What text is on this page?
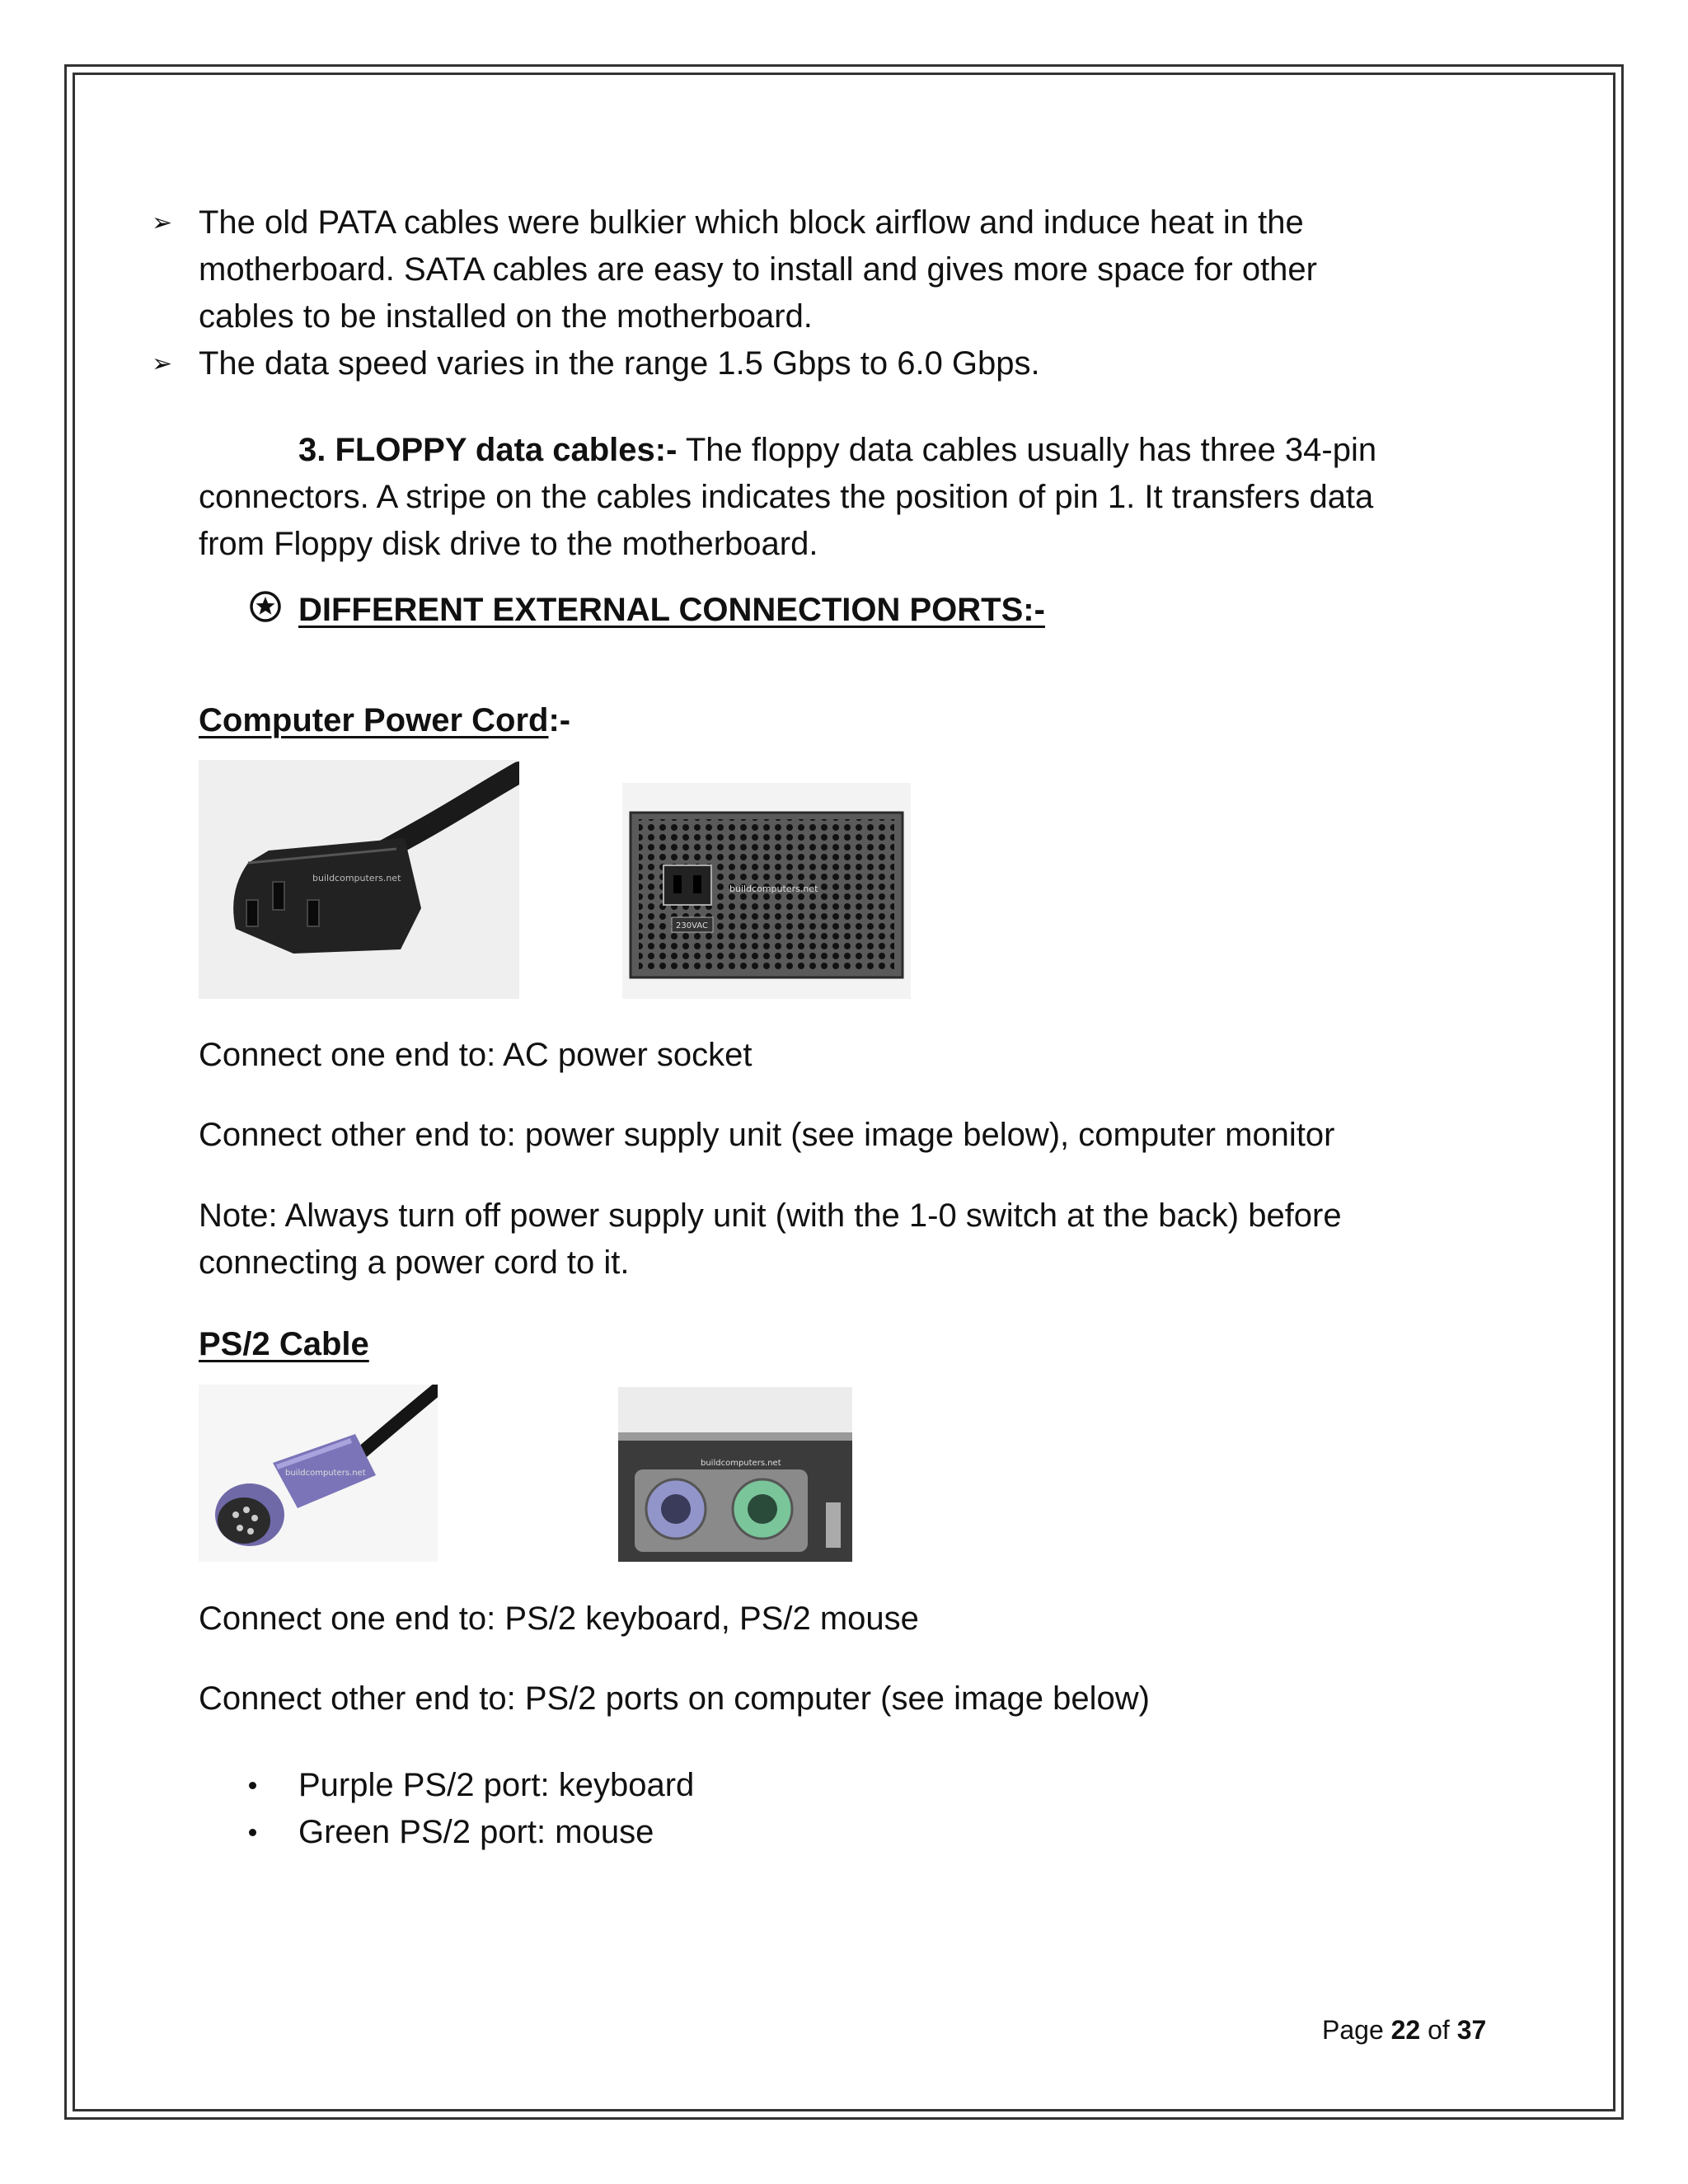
➢ The old PATA cables were bulkier which block airflow and induce heat in the
motherboard. SATA cables are easy to install and gives more space for other
cables to be installed on the motherboard.
➢ The data speed varies in the range 1.5 Gbps to 6.0 Gbps.
3. FLOPPY data cables:- The floppy data cables usually has three 34-pin
connectors. A stripe on the cables indicates the position of pin 1. It transfers data
from Floppy disk drive to the motherboard.
DIFFERENT EXTERNAL CONNECTION PORTS:-
Computer Power Cord:-
buildcomputers.net
230VAC
buildcomputers.net
Connect one end to: AC power socket
Connect other end to: power supply unit (see image below), computer monitor
Note: Always turn off power supply unit (with the 1-0 switch at the back) before
connecting a power cord to it.
PS/2 Cable
buildcomputers.net
buildcomputers.net
Connect one end to: PS/2 keyboard, PS/2 mouse
Connect other end to: PS/2 ports on computer (see image below)
Purple PS/2 port: keyboard
Green PS/2 port: mouse
Page 22 of 37
